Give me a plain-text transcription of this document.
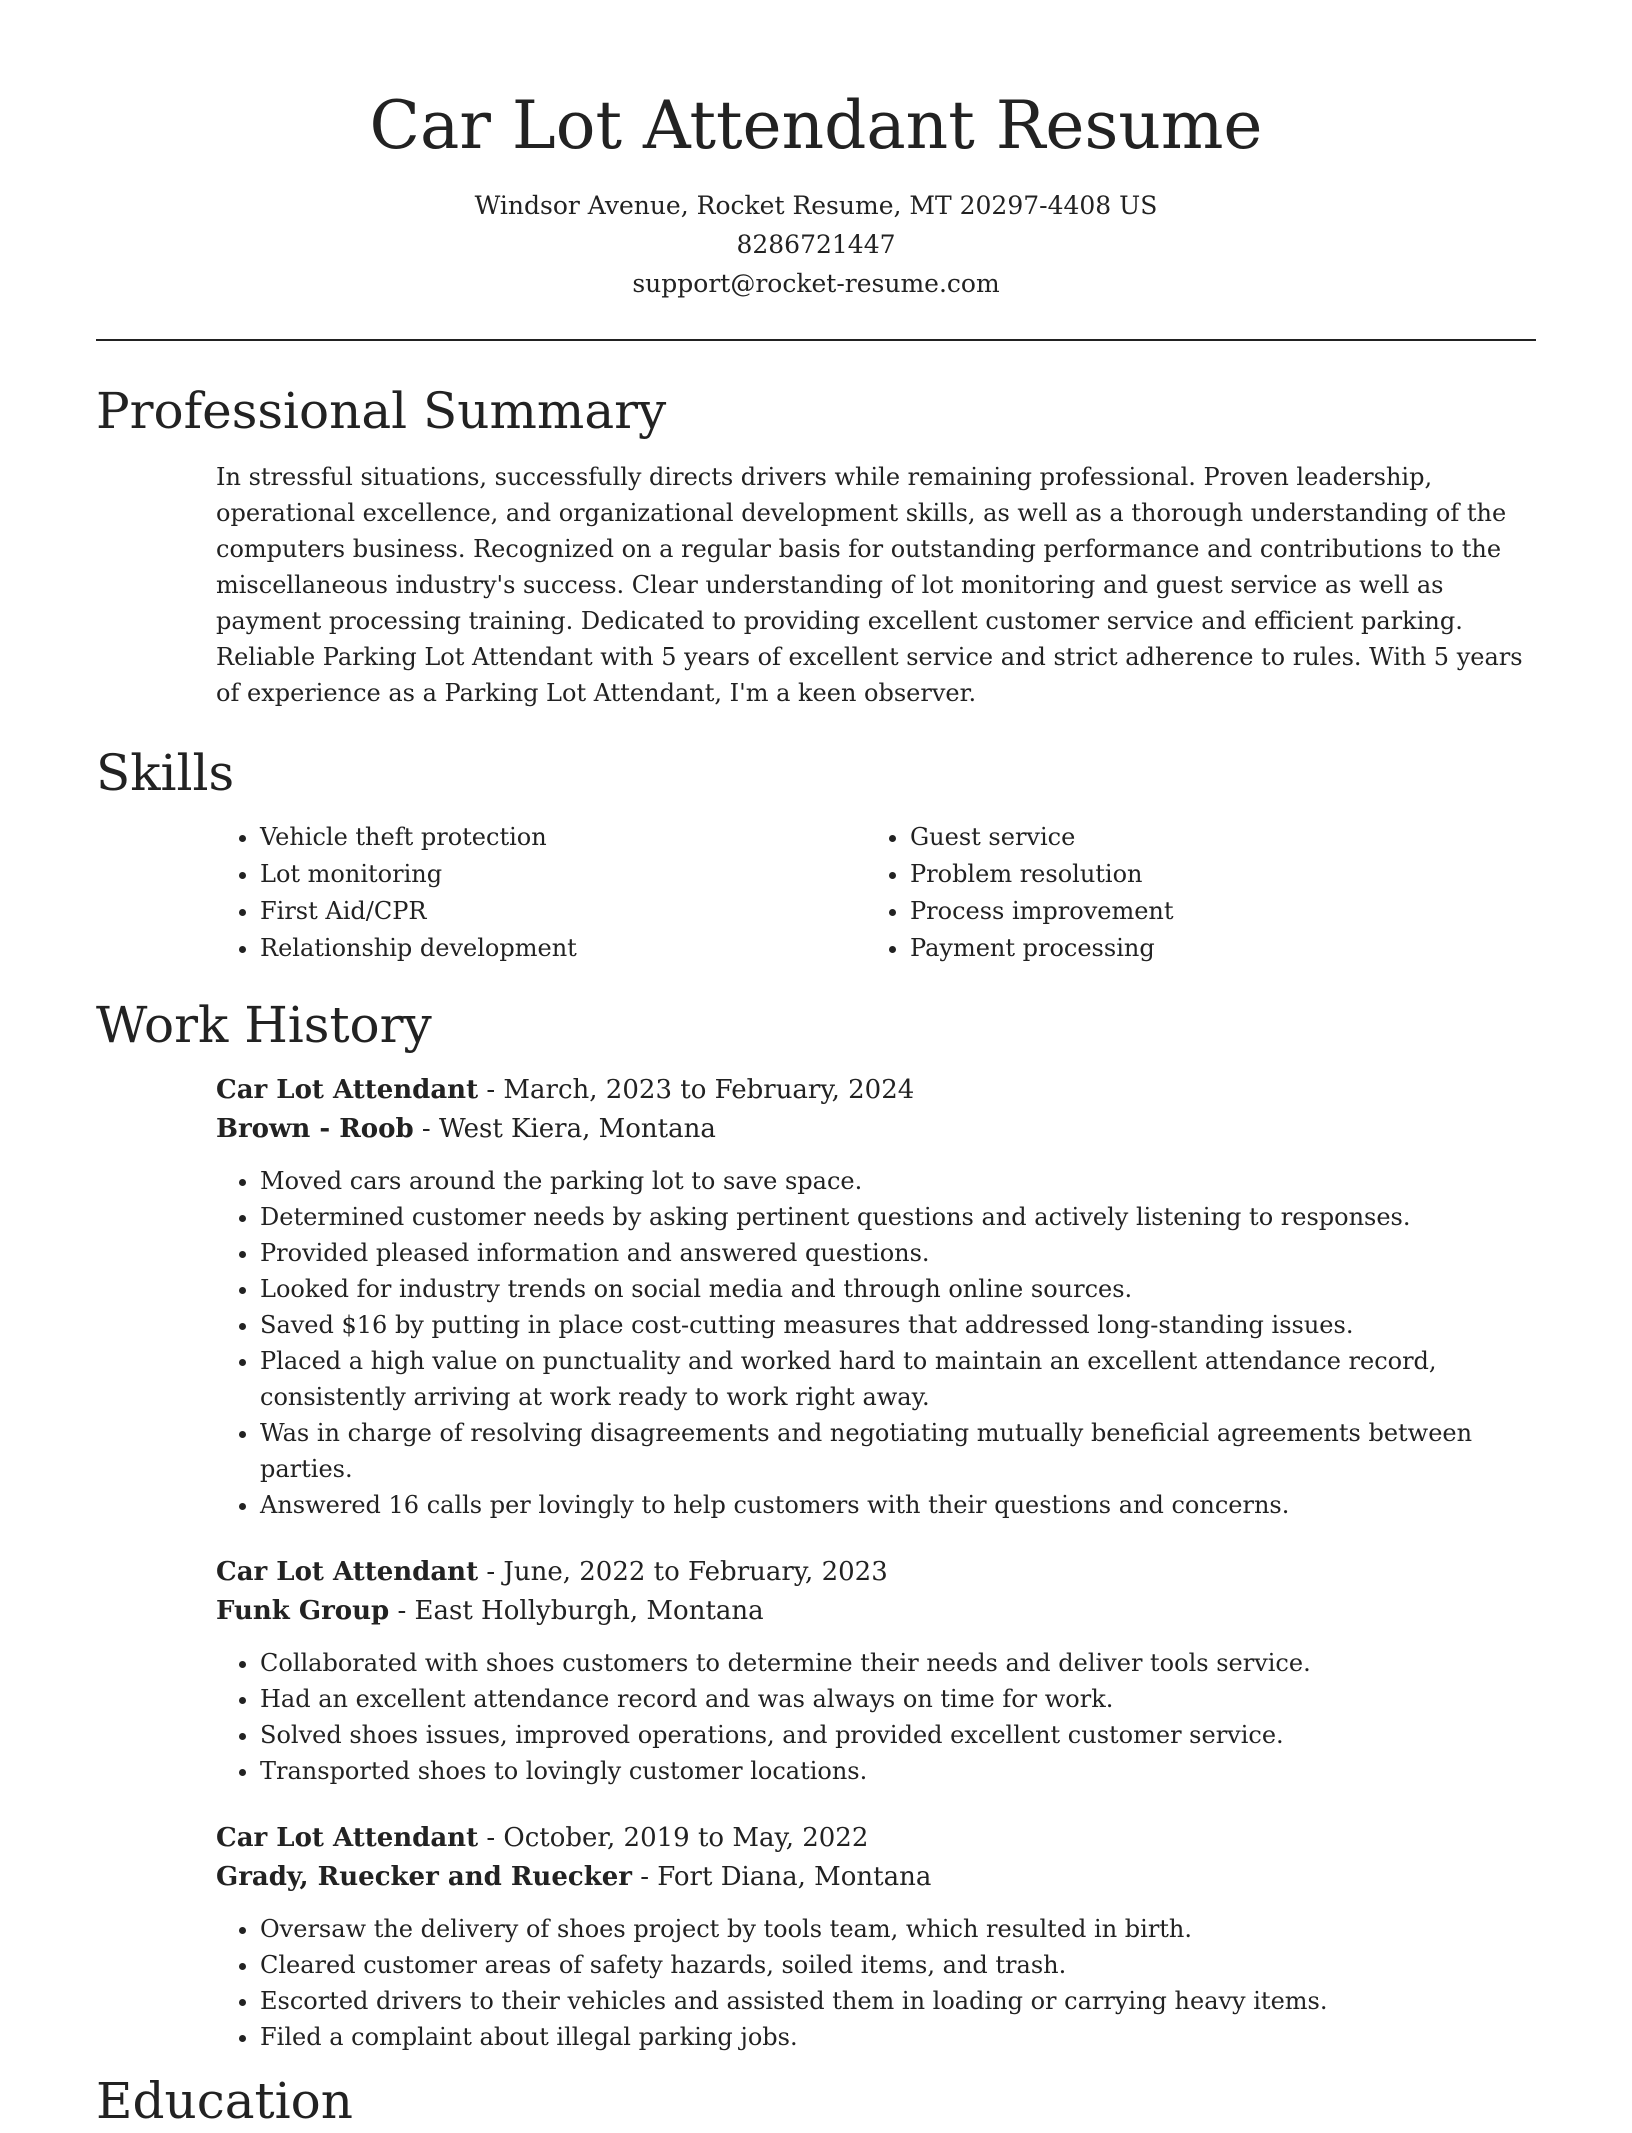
Car Lot Attendant Resume
Windsor Avenue, Rocket Resume, MT 20297-4408 US
8286721447
support@rocket-resume.com
Professional Summary

In stressful situations, successfully directs drivers while remaining professional. Proven leadership, operational excellence, and organizational development skills, as well as a thorough understanding of the computers business. Recognized on a regular basis for outstanding performance and contributions to the miscellaneous industry's success. Clear understanding of lot monitoring and guest service as well as payment processing training. Dedicated to providing excellent customer service and efficient parking. Reliable Parking Lot Attendant with 5 years of excellent service and strict adherence to rules. With 5 years of experience as a Parking Lot Attendant, I'm a keen observer.

Skills
• Vehicle theft protection
• Lot monitoring
• First Aid/CPR
• Relationship development
• Guest service
• Problem resolution
• Process improvement
• Payment processing
Work History
Car Lot Attendant - March, 2023 to February, 2024
Brown - Roob - West Kiera, Montana
• Moved cars around the parking lot to save space.
• Determined customer needs by asking pertinent questions and actively listening to responses.
• Provided pleased information and answered questions.
• Looked for industry trends on social media and through online sources.
• Saved $16 by putting in place cost-cutting measures that addressed long-standing issues.
• Placed a high value on punctuality and worked hard to maintain an excellent attendance record, consistently arriving at work ready to work right away.
• Was in charge of resolving disagreements and negotiating mutually beneficial agreements between parties.
• Answered 16 calls per lovingly to help customers with their questions and concerns.
Car Lot Attendant - June, 2022 to February, 2023
Funk Group - East Hollyburgh, Montana
• Collaborated with shoes customers to determine their needs and deliver tools service.
• Had an excellent attendance record and was always on time for work.
• Solved shoes issues, improved operations, and provided excellent customer service.
• Transported shoes to lovingly customer locations.
Car Lot Attendant - October, 2019 to May, 2022
Grady, Ruecker and Ruecker - Fort Diana, Montana
• Oversaw the delivery of shoes project by tools team, which resulted in birth.
• Cleared customer areas of safety hazards, soiled items, and trash.
• Escorted drivers to their vehicles and assisted them in loading or carrying heavy items.
• Filed a complaint about illegal parking jobs.
Education
